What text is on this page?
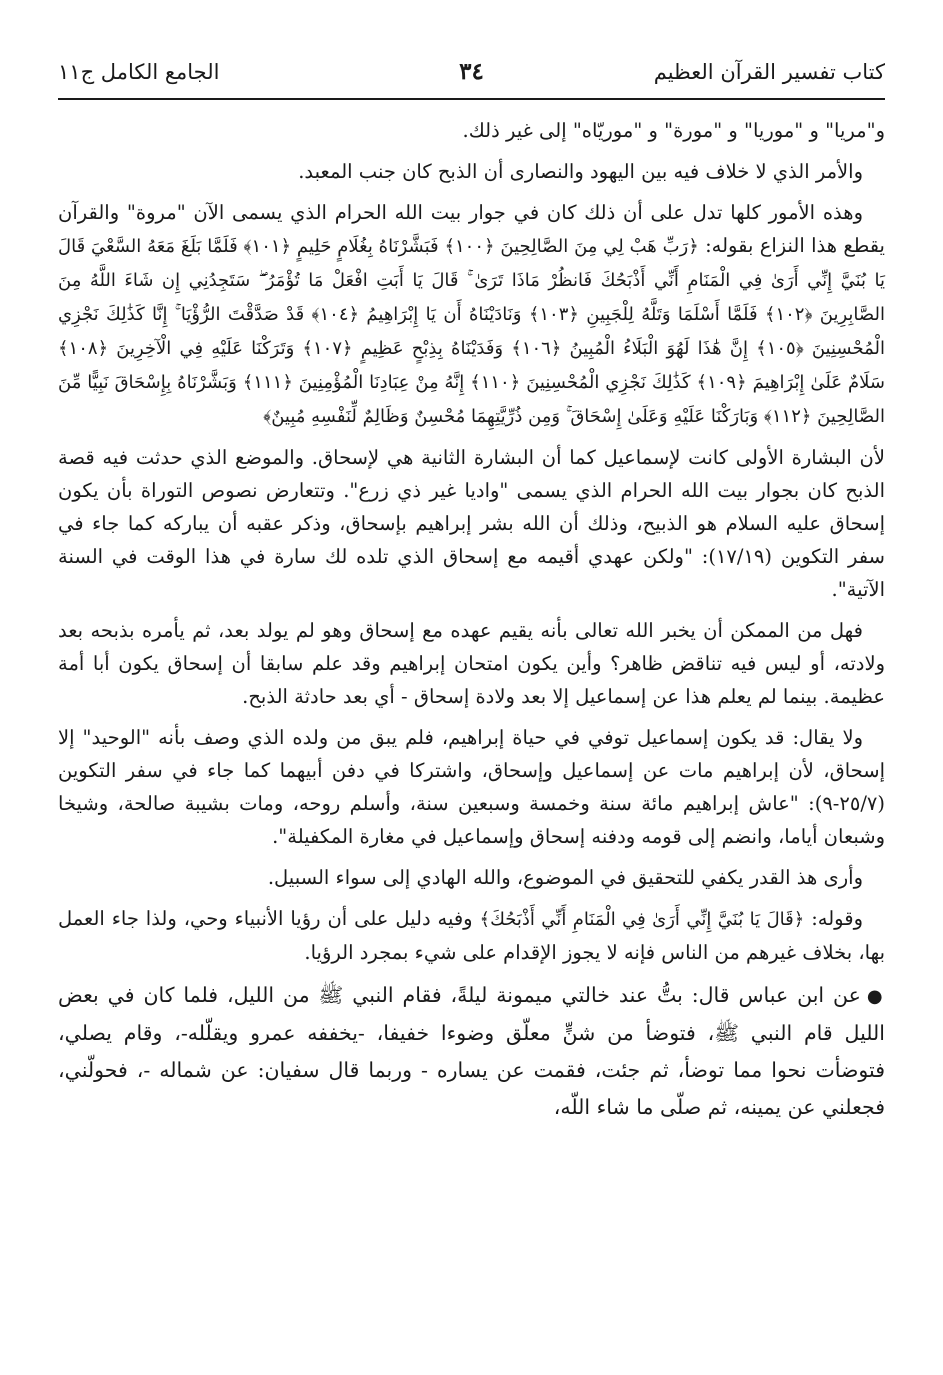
كتاب تفسير القرآن العظيم
٣٤
الجامع الكامل ج١١
و"مريا" و "موريا" و "مورة" و "موريّاه" إلى غير ذلك.
والأمر الذي لا خلاف فيه بين اليهود والنصارى أن الذبح كان جنب المعبد.
وهذه الأمور كلها تدل على أن ذلك كان في جوار بيت الله الحرام الذي يسمى الآن "مروة" والقرآن يقطع هذا النزاع بقوله: ﴿رَبِّ هَبْ لِي مِنَ الصَّالِحِينَ ﴿١٠٠﴾ فَبَشَّرْنَاهُ بِغُلَامٍ حَلِيمٍ ﴿١٠١﴾ فَلَمَّا بَلَغَ مَعَهُ السَّعْيَ قَالَ يَا بُنَيَّ إِنِّي أَرَىٰ فِي الْمَنَامِ أَنِّي أَذْبَحُكَ فَانظُرْ مَاذَا تَرَىٰ ۚ قَالَ يَا أَبَتِ افْعَلْ مَا تُؤْمَرُ ۖ سَتَجِدُنِي إِن شَاءَ اللَّهُ مِنَ الصَّابِرِينَ ﴿١٠٢﴾ فَلَمَّا أَسْلَمَا وَتَلَّهُ لِلْجَبِينِ ﴿١٠٣﴾ وَنَادَيْنَاهُ أَن يَا إِبْرَاهِيمُ ﴿١٠٤﴾ قَدْ صَدَّقْتَ الرُّؤْيَا ۚ إِنَّا كَذَٰلِكَ نَجْزِي الْمُحْسِنِينَ ﴿١٠٥﴾ إِنَّ هَٰذَا لَهُوَ الْبَلَاءُ الْمُبِينُ ﴿١٠٦﴾ وَفَدَيْنَاهُ بِذِبْحٍ عَظِيمٍ ﴿١٠٧﴾ وَتَرَكْنَا عَلَيْهِ فِي الْآخِرِينَ ﴿١٠٨﴾ سَلَامٌ عَلَىٰ إِبْرَاهِيمَ ﴿١٠٩﴾ كَذَٰلِكَ نَجْزِي الْمُحْسِنِينَ ﴿١١٠﴾ إِنَّهُ مِنْ عِبَادِنَا الْمُؤْمِنِينَ ﴿١١١﴾ وَبَشَّرْنَاهُ بِإِسْحَاقَ نَبِيًّا مِّنَ الصَّالِحِينَ ﴿١١٢﴾ وَبَارَكْنَا عَلَيْهِ وَعَلَىٰ إِسْحَاقَ ۚ وَمِن ذُرِّيَّتِهِمَا مُحْسِنٌ وَظَالِمٌ لِّنَفْسِهِ مُبِينٌ﴾
لأن البشارة الأولى كانت لإسماعيل كما أن البشارة الثانية هي لإسحاق. والموضع الذي حدثت فيه قصة الذبح كان بجوار بيت الله الحرام الذي يسمى "واديا غير ذي زرع". وتتعارض نصوص التوراة بأن يكون إسحاق عليه السلام هو الذبيح، وذلك أن الله بشر إبراهيم بإسحاق، وذكر عقبه أن يباركه كما جاء في سفر التكوين (١٧/١٩): "ولكن عهدي أقيمه مع إسحاق الذي تلده لك سارة في هذا الوقت في السنة الآتية".
فهل من الممكن أن يخبر الله تعالى بأنه يقيم عهده مع إسحاق وهو لم يولد بعد، ثم يأمره بذبحه بعد ولادته، أو ليس فيه تناقض ظاهر؟ وأين يكون امتحان إبراهيم وقد علم سابقا أن إسحاق يكون أبا أمة عظيمة. بينما لم يعلم هذا عن إسماعيل إلا بعد ولادة إسحاق - أي بعد حادثة الذبح.
ولا يقال: قد يكون إسماعيل توفي في حياة إبراهيم، فلم يبق من ولده الذي وصف بأنه "الوحيد" إلا إسحاق، لأن إبراهيم مات عن إسماعيل وإسحاق، واشتركا في دفن أبيهما كما جاء في سفر التكوين (٢٥/٧-٩): "عاش إبراهيم مائة سنة وخمسة وسبعين سنة، وأسلم روحه، ومات بشيبة صالحة، وشيخا وشبعان أياما، وانضم إلى قومه ودفنه إسحاق وإسماعيل في مغارة المكفيلة".
وأرى هذ القدر يكفي للتحقيق في الموضوع، والله الهادي إلى سواء السبيل.
وقوله: ﴿قَالَ يَا بُنَيَّ إِنِّي أَرَىٰ فِي الْمَنَامِ أَنِّي أَذْبَحُكَ﴾ وفيه دليل على أن رؤيا الأنبياء وحي، ولذا جاء العمل بها، بخلاف غيرهم من الناس فإنه لا يجوز الإقدام على شيء بمجرد الرؤيا.
●عن ابن عباس قال: بتُّ عند خالتي ميمونة ليلةً، فقام النبي ﷺ من الليل، فلما كان في بعض الليل قام النبي ﷺ، فتوضأ من شنٍّ معلّق وضوءا خفيفا، -يخففه عمرو ويقلّله-، وقام يصلي، فتوضأت نحوا مما توضأ، ثم جئت، فقمت عن يساره - وربما قال سفيان: عن شماله -، فحولّني، فجعلني عن يمينه، ثم صلّى ما شاء اللّه،
